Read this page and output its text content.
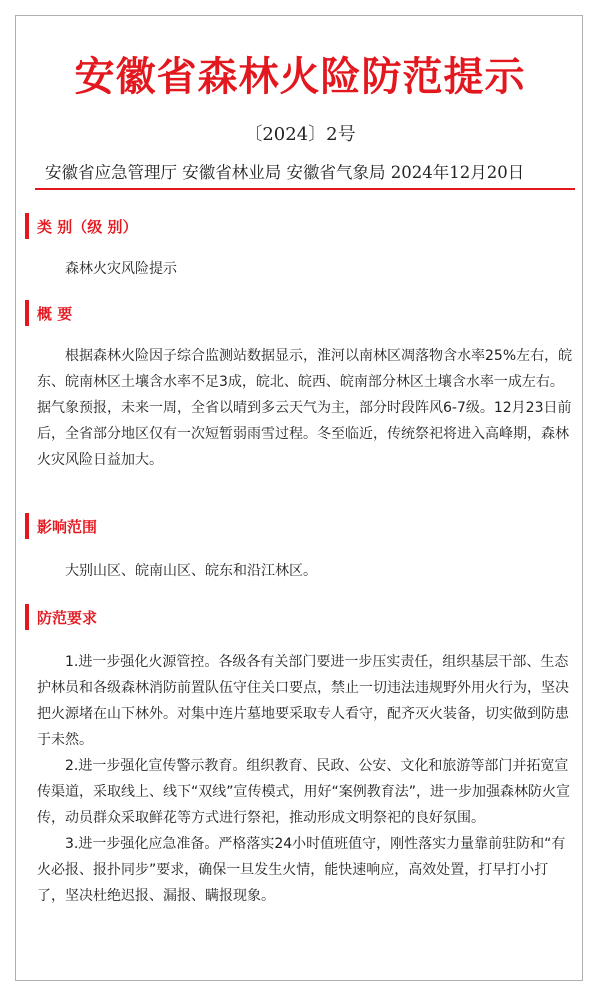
安徽省森林火险防范提示
〔2024〕2号
安徽省应急管理厅 安徽省林业局 安徽省气象局 2024年12月20日
类 别（级 别）

森林火灾风险提示

概 要

根据森林火险因子综合监测站数据显示，淮河以南林区凋落物含水率25%左右，皖东、皖南林区土壤含水率不足3成，皖北、皖西、皖南部分林区土壤含水率一成左右。据气象预报，未来一周，全省以晴到多云天气为主，部分时段阵风6-7级。12月23日前后，全省部分地区仅有一次短暂弱雨雪过程。冬至临近，传统祭祀将进入高峰期，森林火灾风险日益加大。

影响范围

大别山区、皖南山区、皖东和沿江林区。

防范要求

1.进一步强化火源管控。各级各有关部门要进一步压实责任，组织基层干部、生态护林员和各级森林消防前置队伍守住关口要点，禁止一切违法违规野外用火行为，坚决把火源堵在山下林外。对集中连片墓地要采取专人看守，配齐灭火装备，切实做到防患于未然。

2.进一步强化宣传警示教育。组织教育、民政、公安、文化和旅游等部门并拓宽宣传渠道，采取线上、线下“双线”宣传模式，用好“案例教育法”，进一步加强森林防火宣传，动员群众采取鲜花等方式进行祭祀，推动形成文明祭祀的良好氛围。

3.进一步强化应急准备。严格落实24小时值班值守，刚性落实力量靠前驻防和“有火必报、报扑同步”要求，确保一旦发生火情，能快速响应，高效处置，打早打小打了，坚决杜绝迟报、漏报、瞒报现象。
